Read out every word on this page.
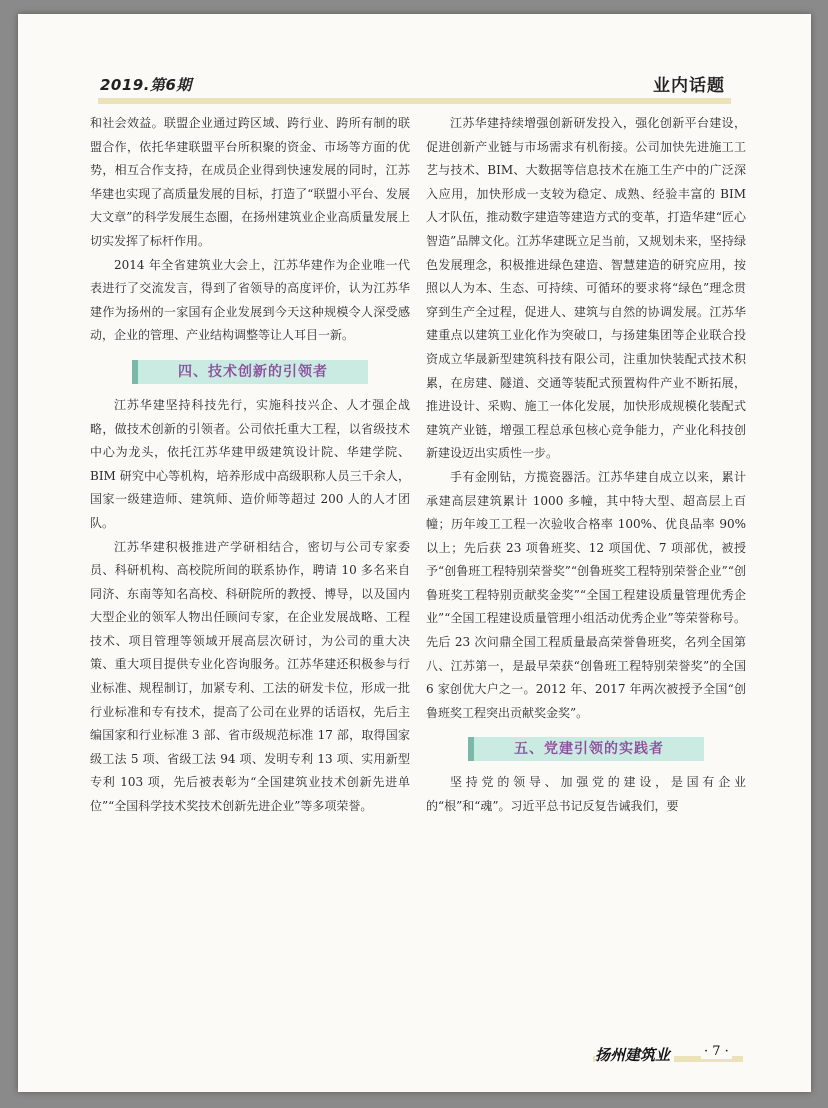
2019.第6期	业内话题

和社会效益。联盟企业通过跨区域、跨行业、跨所有制的联盟合作，依托华建联盟平台所积聚的资金、市场等方面的优势，相互合作支持，在成员企业得到快速发展的同时，江苏华建也实现了高质量发展的目标，打造了“联盟小平台、发展大文章”的科学发展生态圈，在扬州建筑业企业高质量发展上切实发挥了标杆作用。

2014 年全省建筑业大会上，江苏华建作为企业唯一代表进行了交流发言，得到了省领导的高度评价，认为江苏华建作为扬州的一家国有企业发展到今天这种规模令人深受感动，企业的管理、产业结构调整等让人耳目一新。

四、技术创新的引领者

江苏华建坚持科技先行，实施科技兴企、人才强企战略，做技术创新的引领者。公司依托重大工程，以省级技术中心为龙头，依托江苏华建甲级建筑设计院、华建学院、BIM 研究中心等机构，培养形成中高级职称人员三千余人，国家一级建造师、建筑师、造价师等超过 200 人的人才团队。

江苏华建积极推进产学研相结合，密切与公司专家委员、科研机构、高校院所间的联系协作，聘请 10 多名来自同济、东南等知名高校、科研院所的教授、博导，以及国内大型企业的领军人物出任顾问专家，在企业发展战略、工程技术、项目管理等领域开展高层次研讨，为公司的重大决策、重大项目提供专业化咨询服务。江苏华建还积极参与行业标准、规程制订，加紧专利、工法的研发卡位，形成一批行业标准和专有技术，提高了公司在业界的话语权，先后主编国家和行业标准 3 部、省市级规范标准 17 部，取得国家级工法 5 项、省级工法 94 项、发明专利 13 项、实用新型专利 103 项，先后被表彰为“全国建筑业技术创新先进单位”“全国科学技术奖技术创新先进企业”等多项荣誉。

江苏华建持续增强创新研发投入，强化创新平台建设，促进创新产业链与市场需求有机衔接。公司加快先进施工工艺与技术、BIM、大数据等信息技术在施工生产中的广泛深入应用，加快形成一支较为稳定、成熟、经验丰富的 BIM 人才队伍，推动数字建造等建造方式的变革，打造华建“匠心智造”品牌文化。江苏华建既立足当前，又规划未来，坚持绿色发展理念，积极推进绿色建造、智慧建造的研究应用，按照以人为本、生态、可持续、可循环的要求将“绿色”理念贯穿到生产全过程，促进人、建筑与自然的协调发展。江苏华建重点以建筑工业化作为突破口，与扬建集团等企业联合投资成立华晟新型建筑科技有限公司，注重加快装配式技术积累，在房建、隧道、交通等装配式预置构件产业不断拓展，推进设计、采购、施工一体化发展，加快形成规模化装配式建筑产业链，增强工程总承包核心竞争能力，产业化科技创新建设迈出实质性一步。

手有金刚钻，方揽瓷器活。江苏华建自成立以来，累计承建高层建筑累计 1000 多幢，其中特大型、超高层上百幢；历年竣工工程一次验收合格率 100%、优良品率 90% 以上；先后获 23 项鲁班奖、12 项国优、7 项部优，被授予“创鲁班工程特别荣誉奖”“创鲁班奖工程特别荣誉企业”“创鲁班奖工程特别贡献奖金奖”“全国工程建设质量管理优秀企业”“全国工程建设质量管理小组活动优秀企业”等荣誉称号。先后 23 次问鼎全国工程质量最高荣誉鲁班奖，名列全国第八、江苏第一，是最早荣获“创鲁班工程特别荣誉奖”的全国 6 家创优大户之一。2012 年、2017 年两次被授予全国“创鲁班奖工程突出贡献奖金奖”。

五、党建引领的实践者

坚持党的领导、加强党的建设，是国有企业的“根”和“魂”。习近平总书记反复告诫我们，要

扬州建筑业	· 7 ·
